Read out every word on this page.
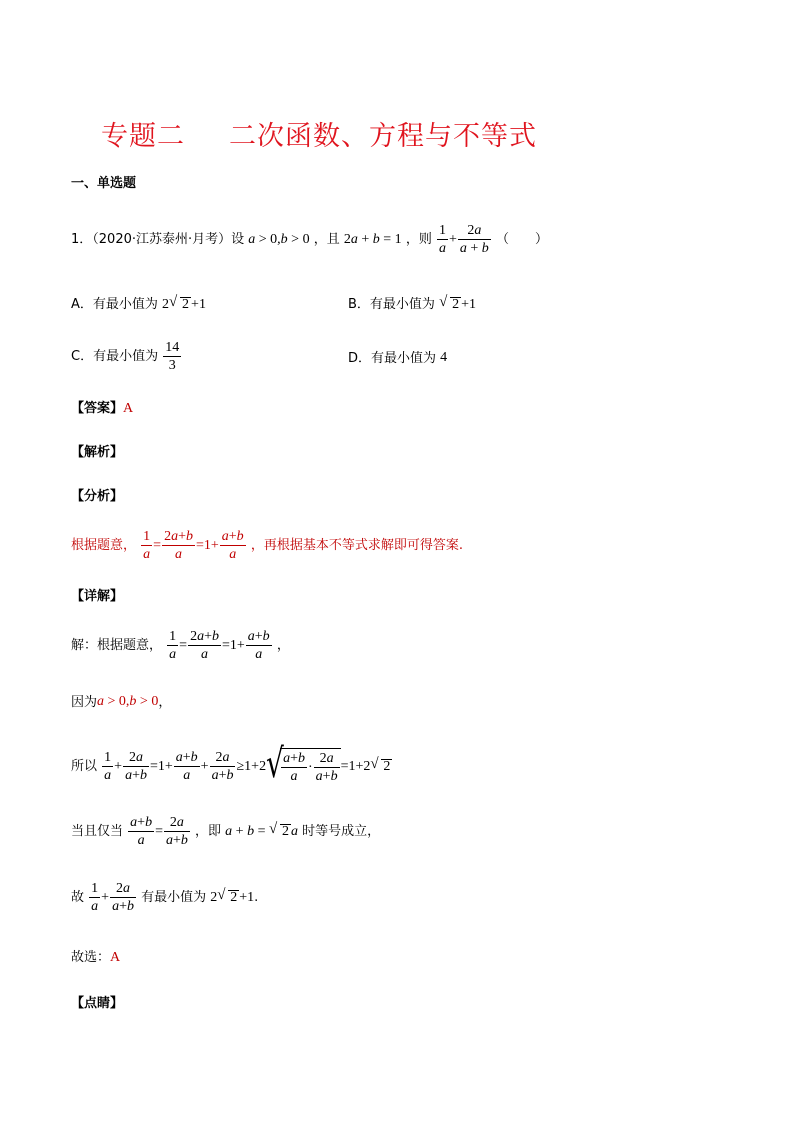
专题二 二次函数、方程与不等式
一、单选题
1．（2020·江苏泰州·月考）设 a > 0,b > 0 ，且 2a + b = 1 ，则 $\frac{1}{a} + \frac{2a}{a + b}$ （　　）
A．有最小值为 2 √ 2 +1	B．有最小值为 √ 2 +1
C．有最小值为 $\frac{14}{3}$	D．有最小值为 4
【答案】A
【解析】
【分析】
根据题意， $\frac{1}{a} = \frac{2a+b}{a} =1+ \frac{a+b}{a}$ ，再根据基本不等式求解即可得答案.
【详解】
解：根据题意， $\frac{1}{a} = \frac{2a+b}{a} =1+ \frac{a+b}{a}$ ，
因为a > 0,b > 0，
所以 $\frac{1}{a} + \frac{2a}{a+b} =1+ \frac{a+b}{a} + \frac{2a}{a+b} \ge 1+2$ √
$\frac{a+b}{a} \cdot \frac{2a}{a+b} =1+2$ √ 2
当且仅当 $\frac{a+b}{a} = \frac{2a}{a+b}$ ，即 a + b = √ 2 a 时等号成立，
故 $\frac{1}{a} + \frac{2a}{a+b}$ 有最小值为 2 √ 2 +1.
故选：A
【点睛】
